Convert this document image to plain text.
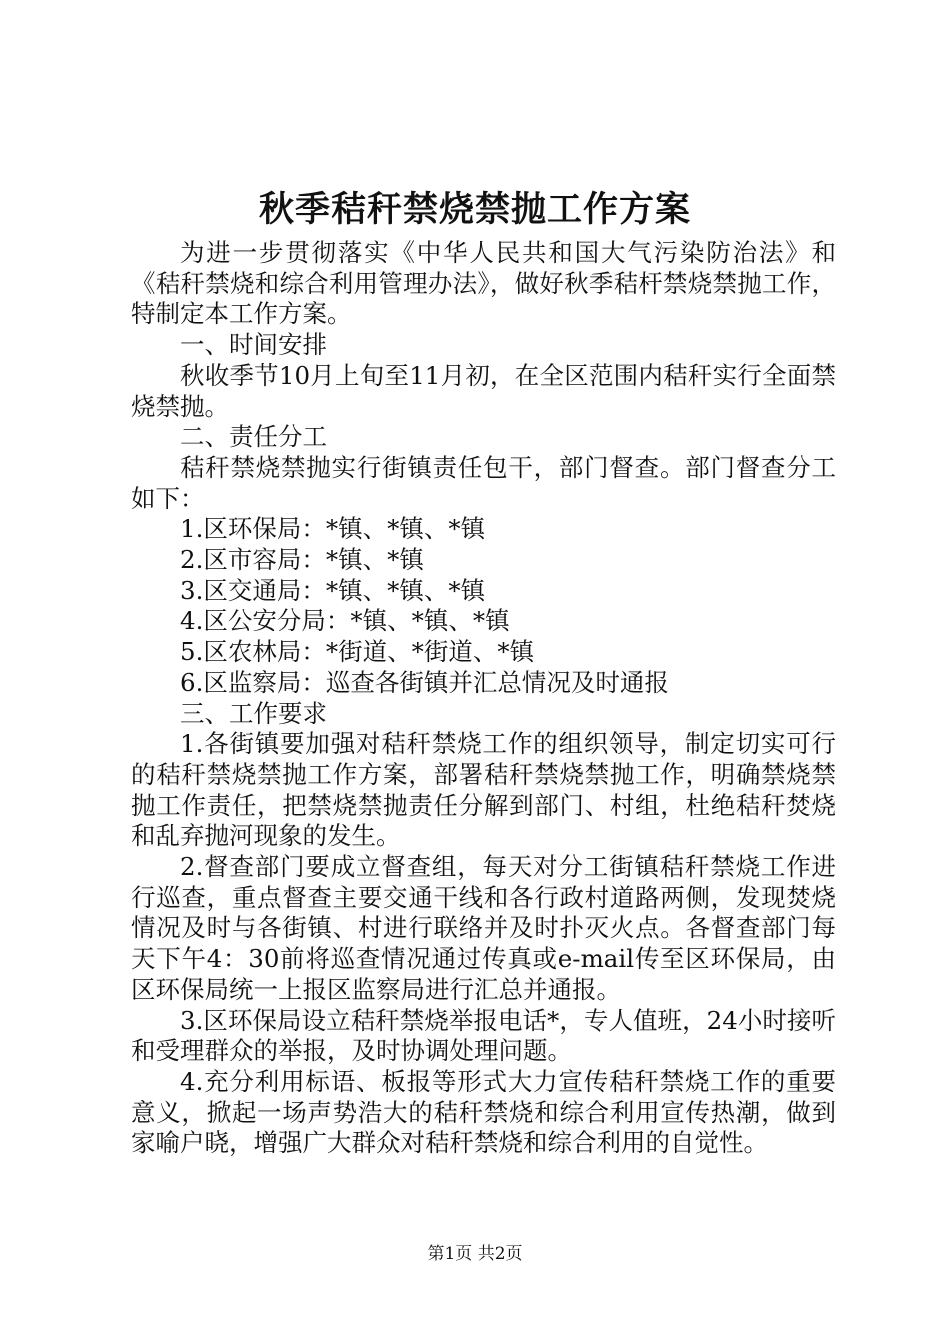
秋季秸秆禁烧禁抛工作方案

为进一步贯彻落实《中华人民共和国大气污染防治法》和《秸秆禁烧和综合利用管理办法》，做好秋季秸杆禁烧禁抛工作，特制定本工作方案。

一、时间安排

秋收季节10月上旬至11月初，在全区范围内秸秆实行全面禁烧禁抛。

二、责任分工

秸秆禁烧禁抛实行街镇责任包干，部门督查。部门督查分工如下：

1.区环保局：*镇、*镇、*镇

2.区市容局：*镇、*镇

3.区交通局：*镇、*镇、*镇

4.区公安分局：*镇、*镇、*镇

5.区农林局：*街道、*街道、*镇

6.区监察局：巡查各街镇并汇总情况及时通报

三、工作要求

1.各街镇要加强对秸秆禁烧工作的组织领导，制定切实可行的秸秆禁烧禁抛工作方案，部署秸秆禁烧禁抛工作，明确禁烧禁抛工作责任，把禁烧禁抛责任分解到部门、村组，杜绝秸秆焚烧和乱弃抛河现象的发生。

2.督查部门要成立督查组，每天对分工街镇秸秆禁烧工作进行巡查，重点督查主要交通干线和各行政村道路两侧，发现焚烧情况及时与各街镇、村进行联络并及时扑灭火点。各督查部门每天下午4：30前将巡查情况通过传真或e-mail传至区环保局，由区环保局统一上报区监察局进行汇总并通报。

3.区环保局设立秸秆禁烧举报电话*，专人值班，24小时接听和受理群众的举报，及时协调处理问题。

4.充分利用标语、板报等形式大力宣传秸秆禁烧工作的重要意义，掀起一场声势浩大的秸秆禁烧和综合利用宣传热潮，做到家喻户晓，增强广大群众对秸秆禁烧和综合利用的自觉性。

第1页 共2页
